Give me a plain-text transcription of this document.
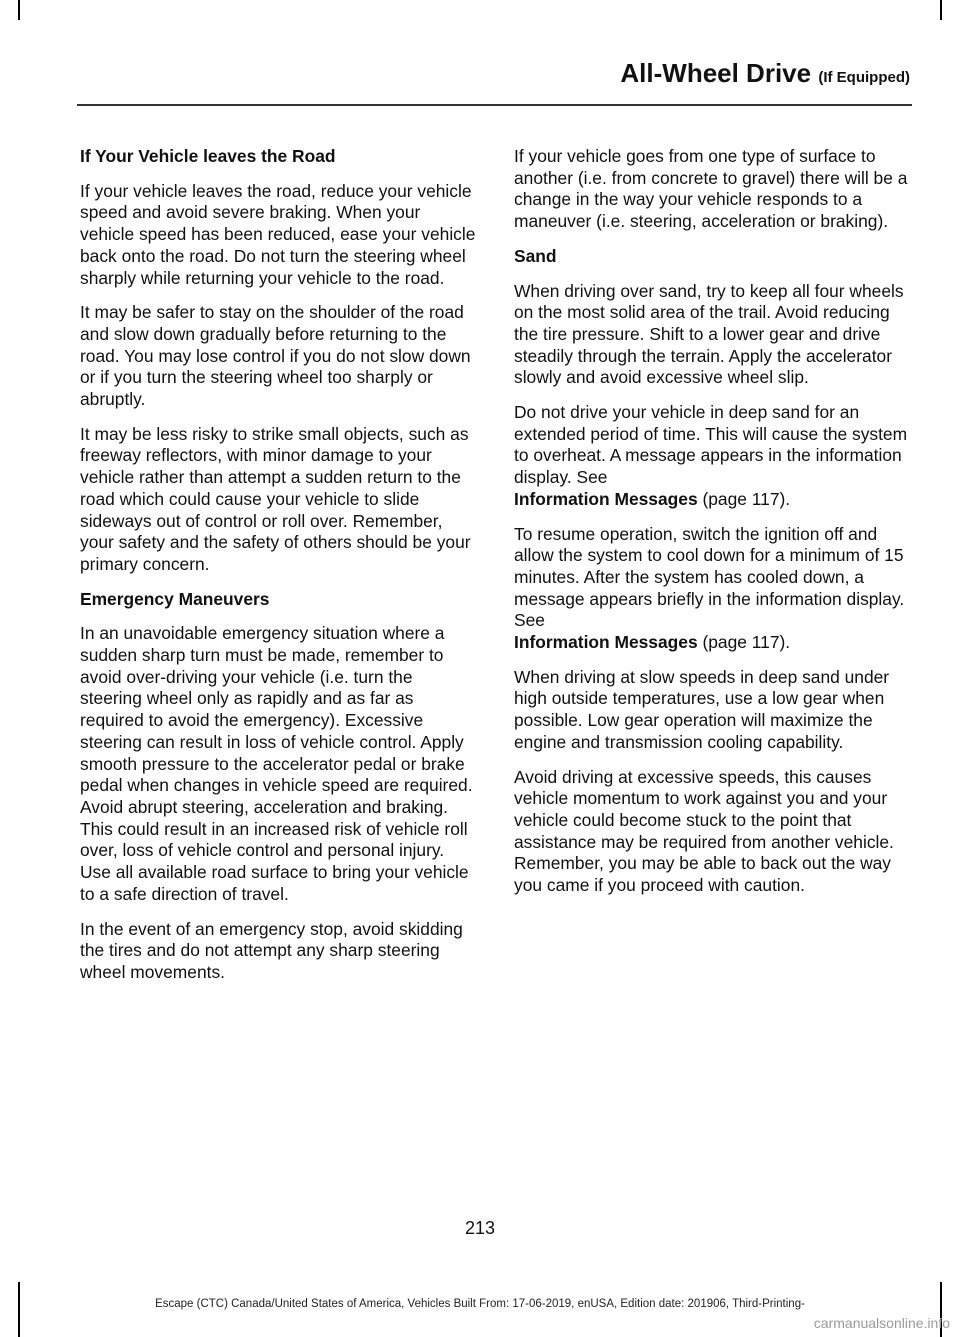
All-Wheel Drive (If Equipped)
If Your Vehicle leaves the Road

If your vehicle leaves the road, reduce your vehicle speed and avoid severe braking. When your vehicle speed has been reduced, ease your vehicle back onto the road. Do not turn the steering wheel sharply while returning your vehicle to the road.

It may be safer to stay on the shoulder of the road and slow down gradually before returning to the road. You may lose control if you do not slow down or if you turn the steering wheel too sharply or abruptly.

It may be less risky to strike small objects, such as freeway reflectors, with minor damage to your vehicle rather than attempt a sudden return to the road which could cause your vehicle to slide sideways out of control or roll over. Remember, your safety and the safety of others should be your primary concern.

Emergency Maneuvers

In an unavoidable emergency situation where a sudden sharp turn must be made, remember to avoid over-driving your vehicle (i.e. turn the steering wheel only as rapidly and as far as required to avoid the emergency). Excessive steering can result in loss of vehicle control. Apply smooth pressure to the accelerator pedal or brake pedal when changes in vehicle speed are required. Avoid abrupt steering, acceleration and braking. This could result in an increased risk of vehicle roll over, loss of vehicle control and personal injury. Use all available road surface to bring your vehicle to a safe direction of travel.

In the event of an emergency stop, avoid skidding the tires and do not attempt any sharp steering wheel movements.

If your vehicle goes from one type of surface to another (i.e. from concrete to gravel) there will be a change in the way your vehicle responds to a maneuver (i.e. steering, acceleration or braking).

Sand

When driving over sand, try to keep all four wheels on the most solid area of the trail. Avoid reducing the tire pressure. Shift to a lower gear and drive steadily through the terrain. Apply the accelerator slowly and avoid excessive wheel slip.

Do not drive your vehicle in deep sand for an extended period of time. This will cause the system to overheat. A message appears in the information display. See
Information Messages (page 117).

To resume operation, switch the ignition off and allow the system to cool down for a minimum of 15 minutes. After the system has cooled down, a message appears briefly in the information display. See
Information Messages (page 117).

When driving at slow speeds in deep sand under high outside temperatures, use a low gear when possible. Low gear operation will maximize the engine and transmission cooling capability.

Avoid driving at excessive speeds, this causes vehicle momentum to work against you and your vehicle could become stuck to the point that assistance may be required from another vehicle. Remember, you may be able to back out the way you came if you proceed with caution.

213
Escape (CTC) Canada/United States of America, Vehicles Built From: 17-06-2019, enUSA, Edition date: 201906, Third-Printing-
carmanualsonline.info
